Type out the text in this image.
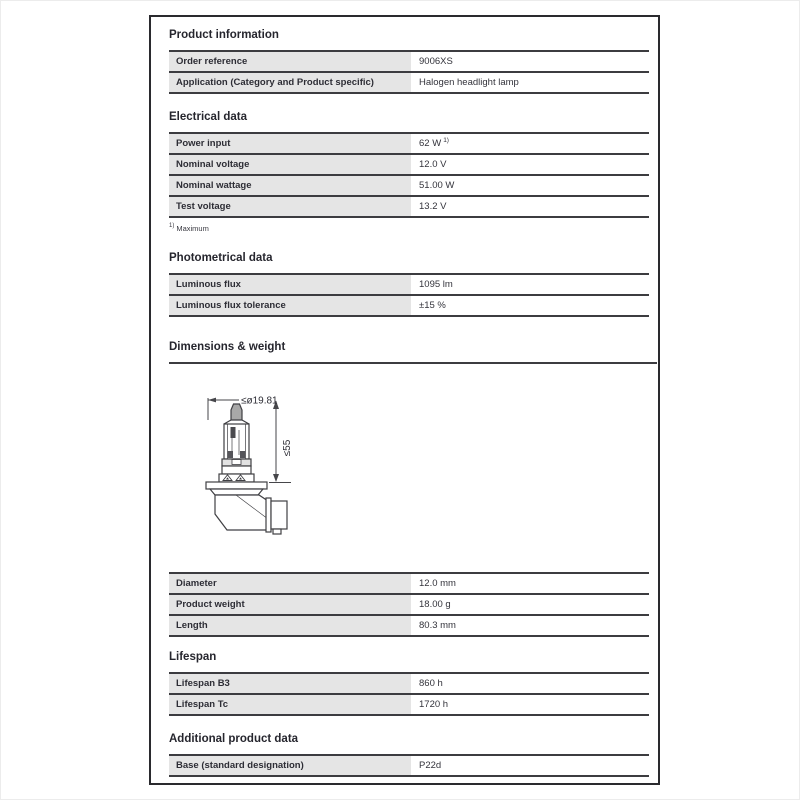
Product information
Order reference	9006XS
Application (Category and Product specific)	Halogen headlight lamp
Electrical data
Power input	62 W $^{1)}$
Nominal voltage	12.0 V
Nominal wattage	51.00 W
Test voltage	13.2 V
$^{1)}$ Maximum
Photometrical data
Luminous flux	1095 lm
Luminous flux tolerance	±15 %
Dimensions & weight
≤ø19.81
≤55
Diameter	12.0 mm
Product weight	18.00 g
Length	80.3 mm
Lifespan
Lifespan B3	860 h
Lifespan Tc	1720 h
Additional product data
Base (standard designation)	P22d
